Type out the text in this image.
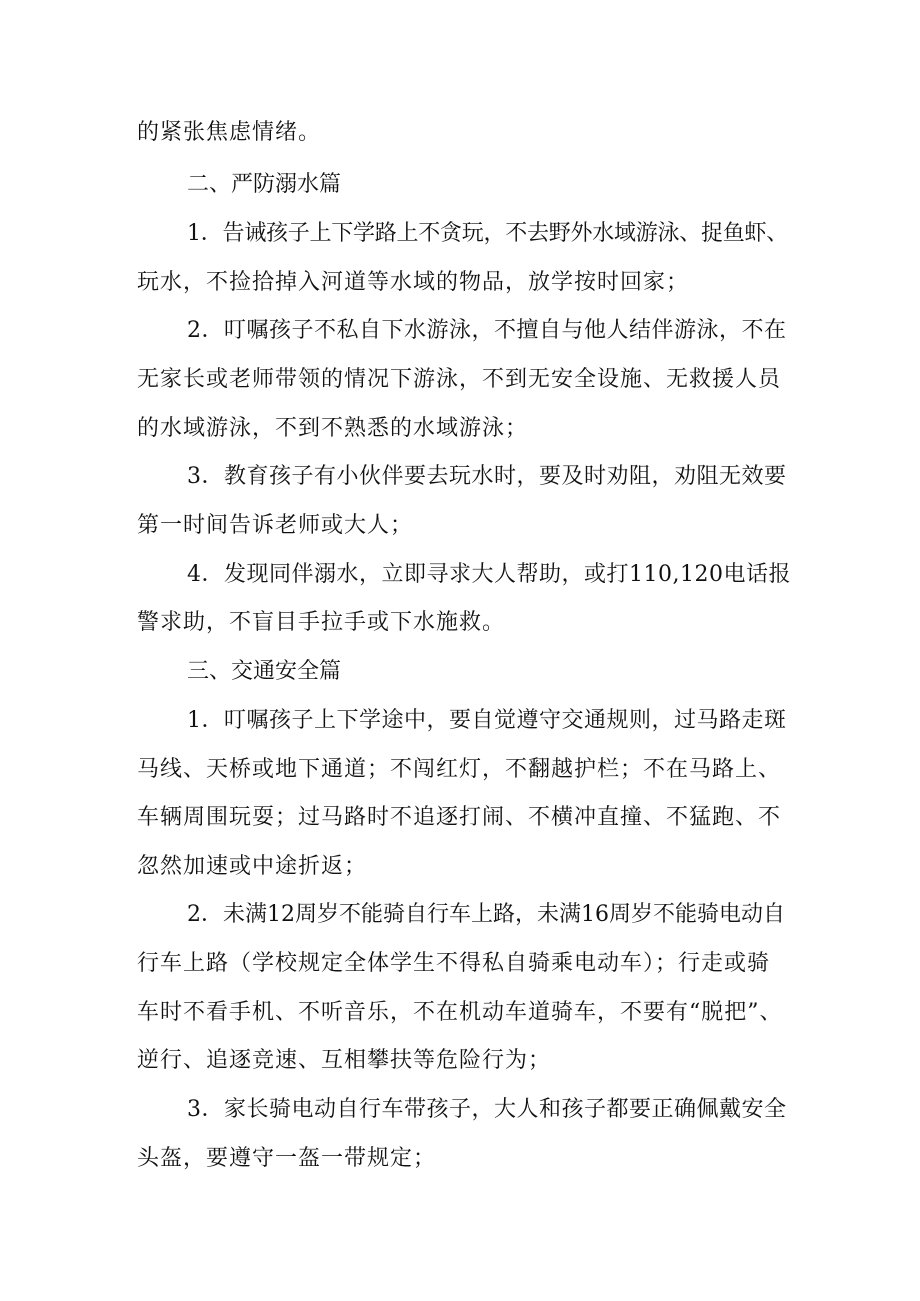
的紧张焦虑情绪。
二、严防溺水篇
1．告诫孩子上下学路上不贪玩，不去野外水域游泳、捉鱼虾、
玩水，不捡拾掉入河道等水域的物品，放学按时回家；
2．叮嘱孩子不私自下水游泳，不擅自与他人结伴游泳，不在
无家长或老师带领的情况下游泳，不到无安全设施、无救援人员
的水域游泳，不到不熟悉的水域游泳；
3．教育孩子有小伙伴要去玩水时，要及时劝阻，劝阻无效要
第一时间告诉老师或大人；
4．发现同伴溺水，立即寻求大人帮助，或打110,120电话报
警求助，不盲目手拉手或下水施救。
三、交通安全篇
1．叮嘱孩子上下学途中，要自觉遵守交通规则，过马路走斑
马线、天桥或地下通道；不闯红灯，不翻越护栏；不在马路上、
车辆周围玩耍；过马路时不追逐打闹、不横冲直撞、不猛跑、不
忽然加速或中途折返；
2．未满12周岁不能骑自行车上路，未满16周岁不能骑电动自
行车上路（学校规定全体学生不得私自骑乘电动车）；行走或骑
车时不看手机、不听音乐，不在机动车道骑车，不要有“脱把”、
逆行、追逐竞速、互相攀扶等危险行为；
3．家长骑电动自行车带孩子，大人和孩子都要正确佩戴安全
头盔，要遵守一盔一带规定；
